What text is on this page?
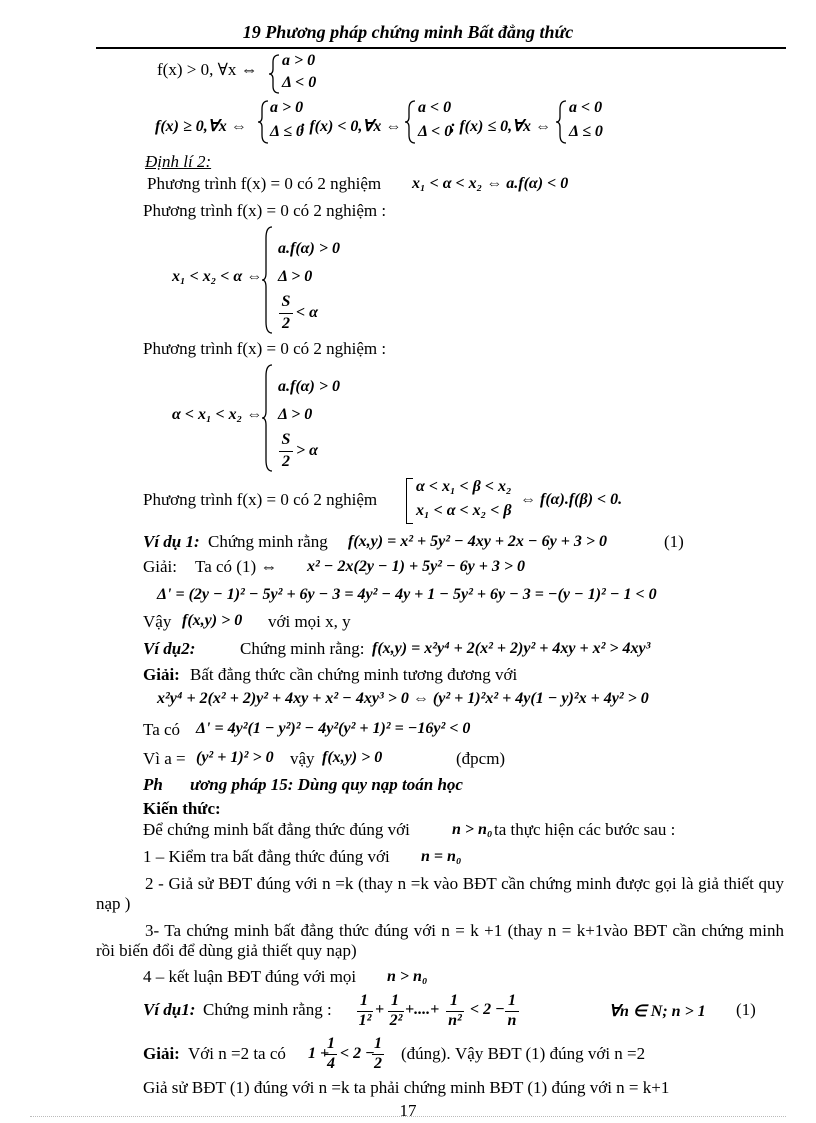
19 Phương pháp chứng minh Bất đẳng thức
f(x) > 0, ∀x ⇔ a > 0
Δ < 0
f(x) ≥ 0,∀x ⇔
a > 0
Δ ≤ 0
; f(x) < 0,∀x ⇔
a < 0
Δ < 0
; f(x) ≤ 0,∀x ⇔
a < 0
Δ ≤ 0
Định lí 2:
Phương trình f(x) = 0 có 2 nghiệm x₁ < α < x₂ ⇔ a.f(α) < 0
Phương trình f(x) = 0 có 2 nghiệm :
x₁ < x₂ < α ⇔
a.f(α) > 0
Δ > 0
S
2
< α
Phương trình f(x) = 0 có 2 nghiệm :
α < x₁ < x₂ ⇔
a.f(α) > 0
Δ > 0
S
2
> α
Phương trình f(x) = 0 có 2 nghiệm
α < x₁ < β < x₂
x₁ < α < x₂ < β
⇔ f(α).f(β) < 0.
Ví dụ 1: Chứng minh rằng f(x,y) = x² + 5y² − 4xy + 2x − 6y + 3 > 0	(1)
Giải: Ta có (1) ⇔ x² − 2x(2y − 1) + 5y² − 6y + 3 > 0
Δ' = (2y − 1)² − 5y² + 6y − 3 = 4y² − 4y + 1 − 5y² + 6y − 3 = −(y − 1)² − 1 < 0
Vậy f(x,y) > 0 với mọi x, y
Ví dụ2:	Chứng minh rằng: f(x,y) = x²y⁴ + 2(x² + 2)y² + 4xy + x² > 4xy³
Giải: Bất đẳng thức cần chứng minh tương đương với
x²y⁴ + 2(x² + 2)y² + 4xy + x² − 4xy³ > 0 ⇔ (y² + 1)²x² + 4y(1 − y)²x + 4y² > 0
Ta có Δ' = 4y²(1 − y²)² − 4y²(y² + 1)² = −16y² < 0
Vì a = (y² + 1)² > 0 vậy f(x,y) > 0	(đpcm)
Ph ương pháp 15: Dùng quy nạp toán học
Kiến thức:
Để chứng minh bất đẳng thức đúng với	n > n₀ ta thực hiện các bước sau :
1 – Kiểm tra bất đẳng thức đúng với n = n₀
2 - Giả sử BĐT đúng với n =k (thay n =k vào BĐT cần chứng minh được gọi là giả thiết quy nạp )
3- Ta chứng minh bất đẳng thức đúng với n = k +1 (thay n = k+1vào BĐT cần chứng minh rồi biến đổi để dùng giả thiết quy nạp)
4 – kết luận BĐT đúng với mọi n > n₀
Ví dụ1: Chứng minh rằng : 1
1²
+
1
2²
+....+
1
n²
< 2 −
1
n
∀n ∈ N; n > 1 (1)
Giải: Với n =2 ta có 1 +
1
4
< 2 −
1
2
(đúng). Vậy BĐT (1) đúng với n =2
Giả sử BĐT (1) đúng với n =k ta phải chứng minh BĐT (1) đúng với n = k+1
17
